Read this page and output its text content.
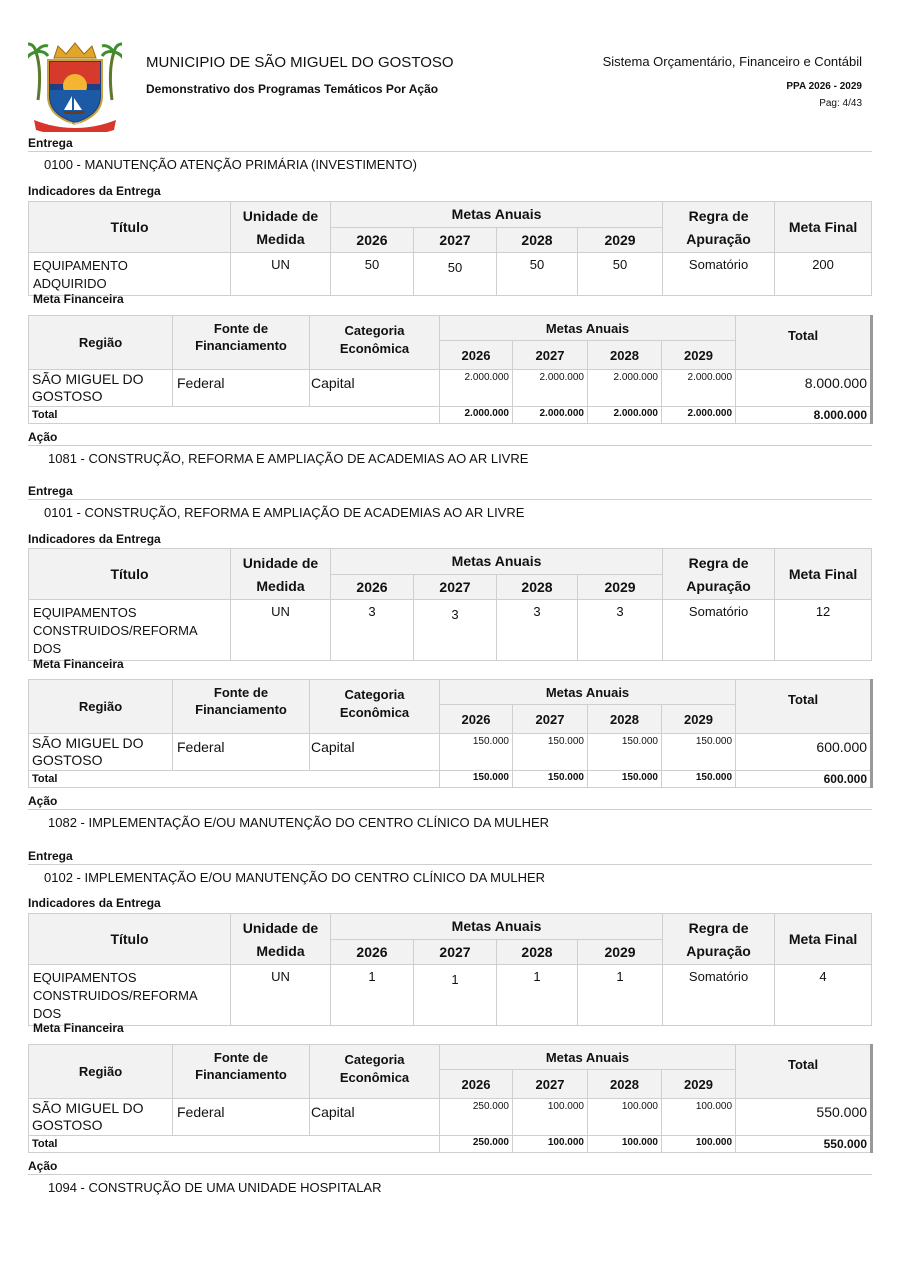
SÃO MIGUEL DO GOSTOSO
MUNICIPIO DE SÃO MIGUEL DO GOSTOSO
Demonstrativo dos Programas Temáticos Por Ação
Sistema Orçamentário, Financeiro e Contábil
PPA 2026 - 2029
Pag: 4/43
Entrega
0100 - MANUTENÇÃO ATENÇÃO PRIMÁRIA (INVESTIMENTO)
Indicadores da Entrega
Título	Unidade de	Metas Anuais				Regra de	Meta Final
	Medida	2026	2027	2028	2029	Apuração	
EQUIPAMENTO
ADQUIRIDO	UN	50	50	50	50	Somatório	200
Meta Financeira
Região	Fonte de
Financiamento	Categoria
Econômica	Metas Anuais				Total
			2026	2027	2028	2029	
SÃO MIGUEL DO
GOSTOSO	Federal	Capital	2.000.000	2.000.000	2.000.000	2.000.000	8.000.000
Total			2.000.000	2.000.000	2.000.000	2.000.000	8.000.000
Ação
1081 - CONSTRUÇÃO, REFORMA E AMPLIAÇÃO DE ACADEMIAS AO AR LIVRE
Entrega
0101 - CONSTRUÇÃO, REFORMA E AMPLIAÇÃO DE ACADEMIAS AO AR LIVRE
Indicadores da Entrega
Título	Unidade de	Metas Anuais				Regra de	Meta Final
	Medida	2026	2027	2028	2029	Apuração	
EQUIPAMENTOS
CONSTRUIDOS/REFORMA
DOS	UN	3	3	3	3	Somatório	12
Meta Financeira
Região	Fonte de
Financiamento	Categoria
Econômica	Metas Anuais				Total
			2026	2027	2028	2029	
SÃO MIGUEL DO
GOSTOSO	Federal	Capital	150.000	150.000	150.000	150.000	600.000
Total			150.000	150.000	150.000	150.000	600.000
Ação
1082 - IMPLEMENTAÇÃO E/OU MANUTENÇÃO DO CENTRO CLÍNICO DA MULHER
Entrega
0102 - IMPLEMENTAÇÃO E/OU MANUTENÇÃO DO CENTRO CLÍNICO DA MULHER
Indicadores da Entrega
Título	Unidade de	Metas Anuais				Regra de	Meta Final
	Medida	2026	2027	2028	2029	Apuração	
EQUIPAMENTOS
CONSTRUIDOS/REFORMA
DOS	UN	1	1	1	1	Somatório	4
Meta Financeira
Região	Fonte de
Financiamento	Categoria
Econômica	Metas Anuais				Total
			2026	2027	2028	2029	
SÃO MIGUEL DO
GOSTOSO	Federal	Capital	250.000	100.000	100.000	100.000	550.000
Total			250.000	100.000	100.000	100.000	550.000
Ação
1094 - CONSTRUÇÃO DE UMA UNIDADE HOSPITALAR
